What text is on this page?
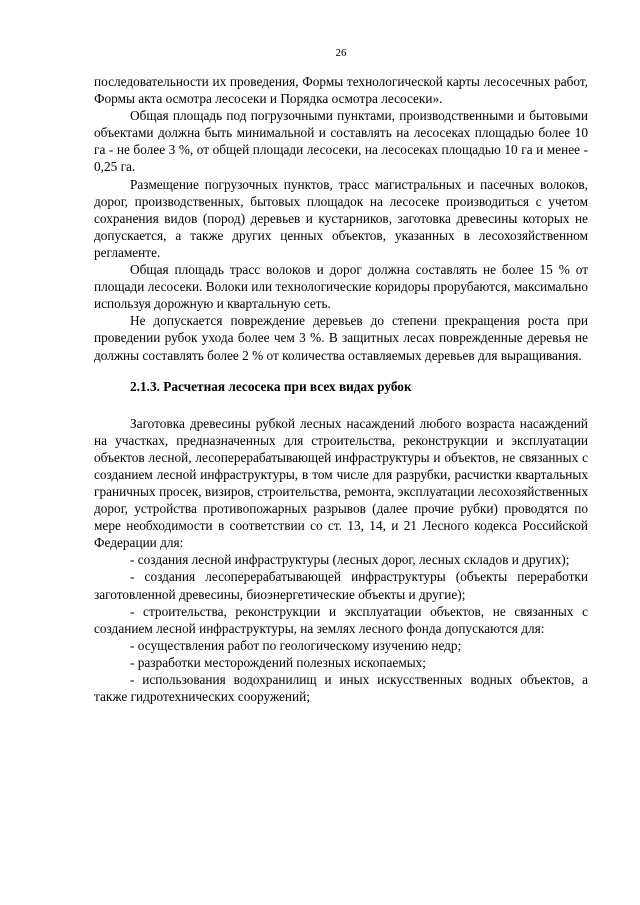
26

последовательности их проведения, Формы технологической карты лесосечных работ, Формы акта осмотра лесосеки и Порядка осмотра лесосеки».

Общая площадь под погрузочными пунктами, производственными и бытовыми объектами должна быть минимальной и составлять на лесосеках площадью более 10 га - не более 3 %, от общей площади лесосеки, на лесосеках площадью 10 га и менее - 0,25 га.

Размещение погрузочных пунктов, трасс магистральных и пасечных волоков, дорог, производственных, бытовых площадок на лесосеке производиться с учетом сохранения видов (пород) деревьев и кустарников, заготовка древесины которых не допускается, а также других ценных объектов, указанных в лесохозяйственном регламенте.

Общая площадь трасс волоков и дорог должна составлять не более 15 % от площади лесосеки. Волоки или технологические коридоры прорубаются, максимально используя дорожную и квартальную сеть.

Не допускается повреждение деревьев до степени прекращения роста при проведении рубок ухода более чем 3 %. В защитных лесах поврежденные деревья не должны составлять более 2 % от количества оставляемых деревьев для выращивания.

2.1.3. Расчетная лесосека при всех видах рубок

Заготовка древесины рубкой лесных насаждений любого возраста насаждений на участках, предназначенных для строительства, реконструкции и эксплуатации объектов лесной, лесоперерабатывающей инфраструктуры и объектов, не связанных с созданием лесной инфраструктуры, в том числе для разрубки, расчистки квартальных граничных просек, визиров, строительства, ремонта, эксплуатации лесохозяйственных дорог, устройства противопожарных разрывов (далее прочие рубки) проводятся по мере необходимости в соответствии со ст. 13, 14, и 21 Лесного кодекса Российской Федерации для:

- создания лесной инфраструктуры (лесных дорог, лесных складов и других);

- создания лесоперерабатывающей инфраструктуры (объекты переработки заготовленной древесины, биоэнергетические объекты и другие);

- строительства, реконструкции и эксплуатации объектов, не связанных с созданием лесной инфраструктуры, на землях лесного фонда допускаются для:

- осуществления работ по геологическому изучению недр;

- разработки месторождений полезных ископаемых;

- использования водохранилищ и иных искусственных водных объектов, а также гидротехнических сооружений;
